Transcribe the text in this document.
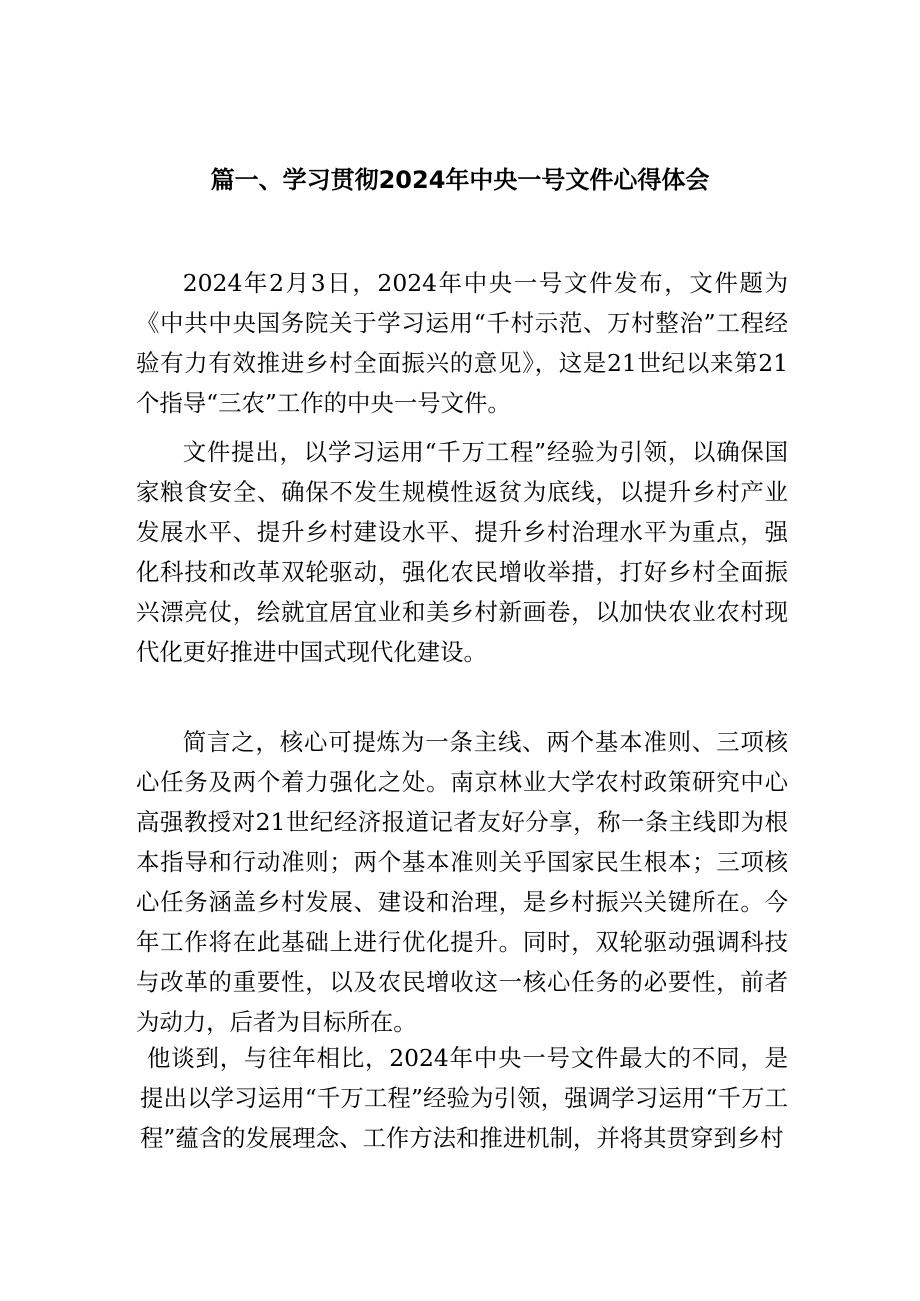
篇一、学习贯彻2024年中央一号文件心得体会
2024年2月3日，2024年中央一号文件发布，文件题为《中共中央国务院关于学习运用“千村示范、万村整治”工程经验有力有效推进乡村全面振兴的意见》，这是21世纪以来第21个指导“三农”工作的中央一号文件。
文件提出，以学习运用“千万工程”经验为引领，以确保国家粮食安全、确保不发生规模性返贫为底线，以提升乡村产业发展水平、提升乡村建设水平、提升乡村治理水平为重点，强化科技和改革双轮驱动，强化农民增收举措，打好乡村全面振兴漂亮仗，绘就宜居宜业和美乡村新画卷，以加快农业农村现代化更好推进中国式现代化建设。
简言之，核心可提炼为一条主线、两个基本准则、三项核心任务及两个着力强化之处。南京林业大学农村政策研究中心高强教授对21世纪经济报道记者友好分享，称一条主线即为根本指导和行动准则；两个基本准则关乎国家民生根本；三项核心任务涵盖乡村发展、建设和治理，是乡村振兴关键所在。今年工作将在此基础上进行优化提升。同时，双轮驱动强调科技与改革的重要性，以及农民增收这一核心任务的必要性，前者为动力，后者为目标所在。
他谈到，与往年相比，2024年中央一号文件最大的不同，是提出以学习运用“千万工程”经验为引领，强调学习运用“千万工程”蕴含的发展理念、工作方法和推进机制，并将其贯穿到乡村
